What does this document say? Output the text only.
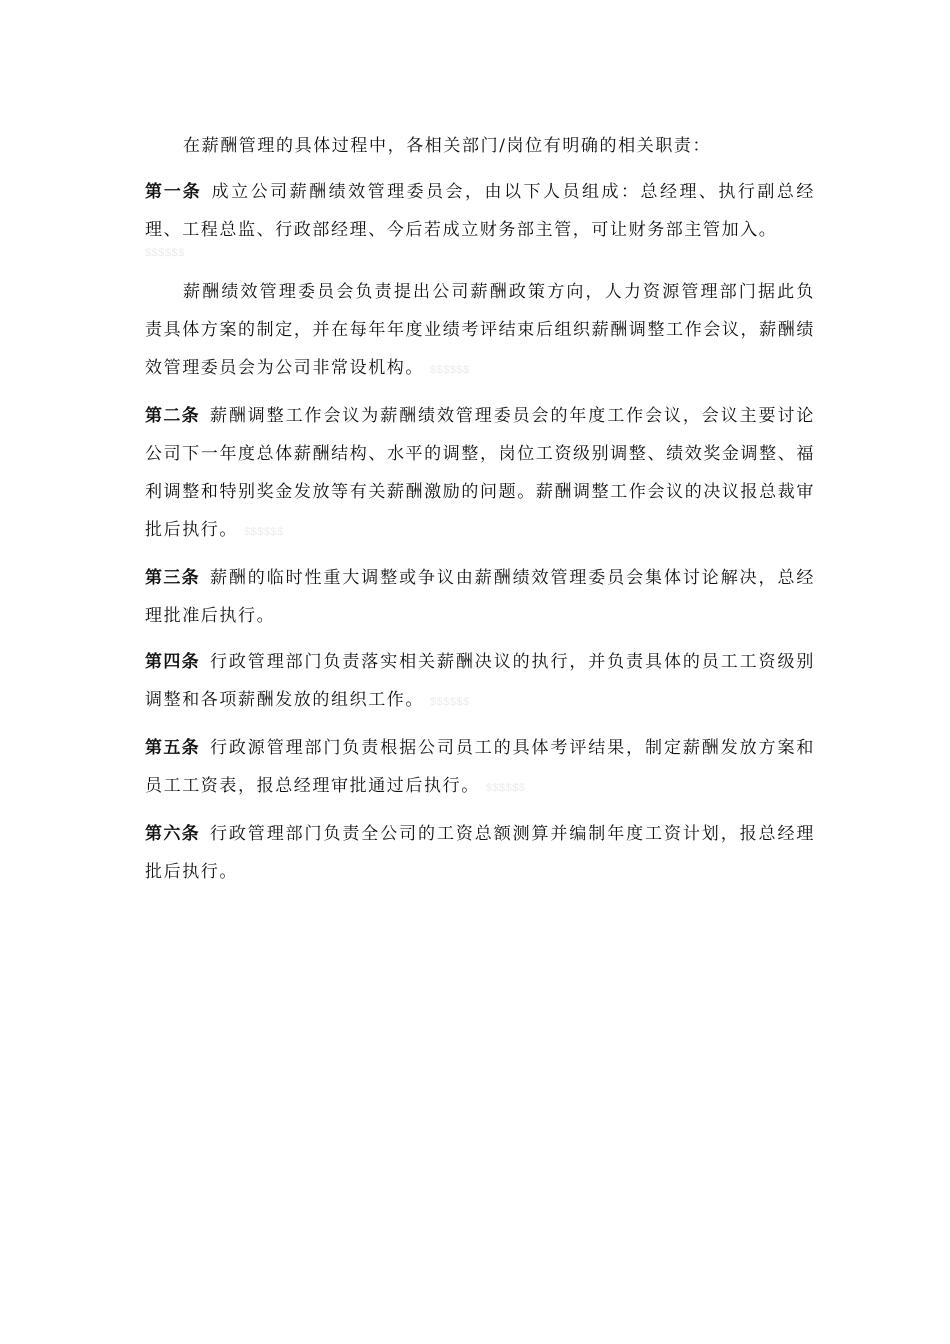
在薪酬管理的具体过程中，各相关部门/岗位有明确的相关职责：

第一条 成立公司薪酬绩效管理委员会，由以下人员组成：总经理、执行副总经理、工程总监、行政部经理、今后若成立财务部主管，可让财务部主管加入。
$$$$$$

薪酬绩效管理委员会负责提出公司薪酬政策方向，人力资源管理部门据此负责具体方案的制定，并在每年年度业绩考评结束后组织薪酬调整工作会议，薪酬绩效管理委员会为公司非常设机构。 $$$$$$

第二条 薪酬调整工作会议为薪酬绩效管理委员会的年度工作会议，会议主要讨论公司下一年度总体薪酬结构、水平的调整，岗位工资级别调整、绩效奖金调整、福利调整和特别奖金发放等有关薪酬激励的问题。薪酬调整工作会议的决议报总裁审批后执行。 $$$$$$

第三条 薪酬的临时性重大调整或争议由薪酬绩效管理委员会集体讨论解决，总经理批准后执行。

第四条 行政管理部门负责落实相关薪酬决议的执行，并负责具体的员工工资级别调整和各项薪酬发放的组织工作。 $$$$$$

第五条 行政源管理部门负责根据公司员工的具体考评结果，制定薪酬发放方案和员工工资表，报总经理审批通过后执行。 $$$$$$

第六条 行政管理部门负责全公司的工资总额测算并编制年度工资计划，报总经理批后执行。
